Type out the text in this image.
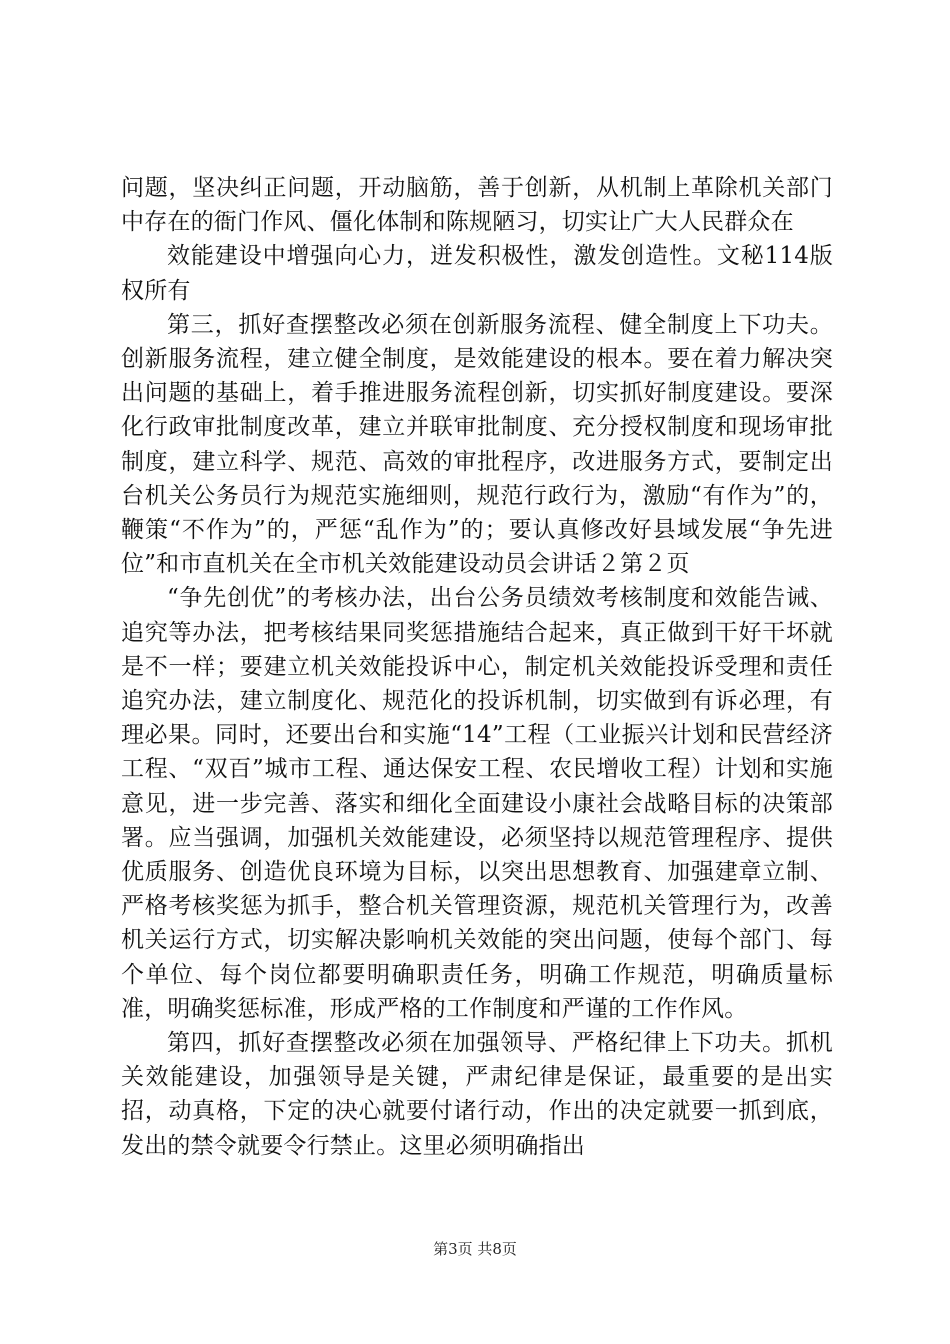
问题，坚决纠正问题，开动脑筋，善于创新，从机制上革除机关部门中存在的衙门作风、僵化体制和陈规陋习，切实让广大人民群众在

效能建设中增强向心力，迸发积极性，激发创造性。文秘114版权所有

第三，抓好查摆整改必须在创新服务流程、健全制度上下功夫。创新服务流程，建立健全制度，是效能建设的根本。要在着力解决突出问题的基础上，着手推进服务流程创新，切实抓好制度建设。要深化行政审批制度改革，建立并联审批制度、充分授权制度和现场审批制度，建立科学、规范、高效的审批程序，改进服务方式，要制定出台机关公务员行为规范实施细则，规范行政行为，激励“有作为”的，鞭策“不作为”的，严惩“乱作为”的；要认真修改好县域发展“争先进位”和市直机关在全市机关效能建设动员会讲话２第２页

“争先创优”的考核办法，出台公务员绩效考核制度和效能告诫、追究等办法，把考核结果同奖惩措施结合起来，真正做到干好干坏就是不一样；要建立机关效能投诉中心，制定机关效能投诉受理和责任追究办法，建立制度化、规范化的投诉机制，切实做到有诉必理，有理必果。同时，还要出台和实施“14”工程（工业振兴计划和民营经济工程、“双百”城市工程、通达保安工程、农民增收工程）计划和实施意见，进一步完善、落实和细化全面建设小康社会战略目标的决策部署。应当强调，加强机关效能建设，必须坚持以规范管理程序、提供优质服务、创造优良环境为目标，以突出思想教育、加强建章立制、严格考核奖惩为抓手，整合机关管理资源，规范机关管理行为，改善机关运行方式，切实解决影响机关效能的突出问题，使每个部门、每个单位、每个岗位都要明确职责任务，明确工作规范，明确质量标准，明确奖惩标准，形成严格的工作制度和严谨的工作作风。

第四，抓好查摆整改必须在加强领导、严格纪律上下功夫。抓机关效能建设，加强领导是关键，严肃纪律是保证，最重要的是出实招，动真格，下定的决心就要付诸行动，作出的决定就要一抓到底，发出的禁令就要令行禁止。这里必须明确指出

第3页 共8页
